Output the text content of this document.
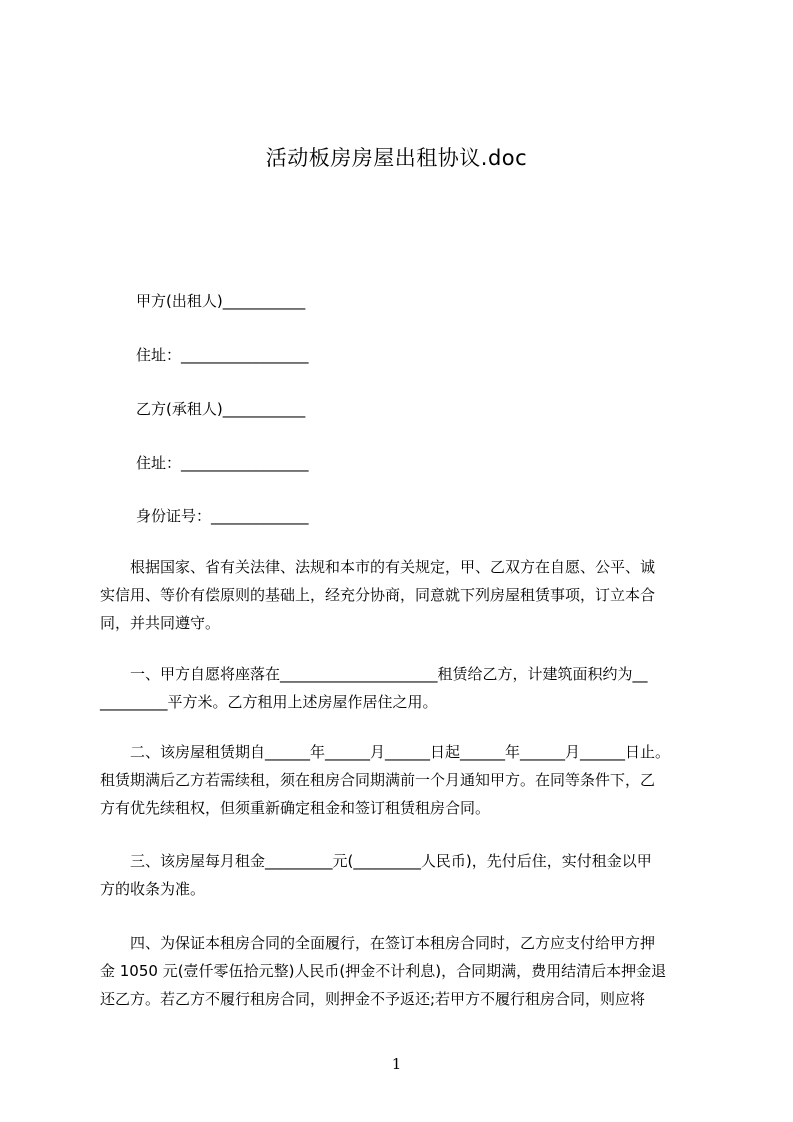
活动板房房屋出租协议.doc
甲方(出租人)___________
住址：_________________
乙方(承租人)___________
住址：_________________
身份证号：_____________
　　根据国家、省有关法律、法规和本市的有关规定，甲、乙双方在自愿、公平、诚
实信用、等价有偿原则的基础上，经充分协商，同意就下列房屋租赁事项，订立本合
同，并共同遵守。
　　一、甲方自愿将座落在_____________________租赁给乙方，计建筑面积约为__
_________平方米。乙方租用上述房屋作居住之用。
　　二、该房屋租赁期自______年______月______日起______年______月______日止。
租赁期满后乙方若需续租，须在租房合同期满前一个月通知甲方。在同等条件下，乙
方有优先续租权，但须重新确定租金和签订租赁租房合同。
　　三、该房屋每月租金_________元(_________人民币)，先付后住，实付租金以甲
方的收条为准。
　　四、为保证本租房合同的全面履行，在签订本租房合同时，乙方应支付给甲方押
金 1050 元(壹仟零伍拾元整)人民币(押金不计利息)，合同期满，费用结清后本押金退
还乙方。若乙方不履行租房合同，则押金不予返还;若甲方不履行租房合同，则应将
1
